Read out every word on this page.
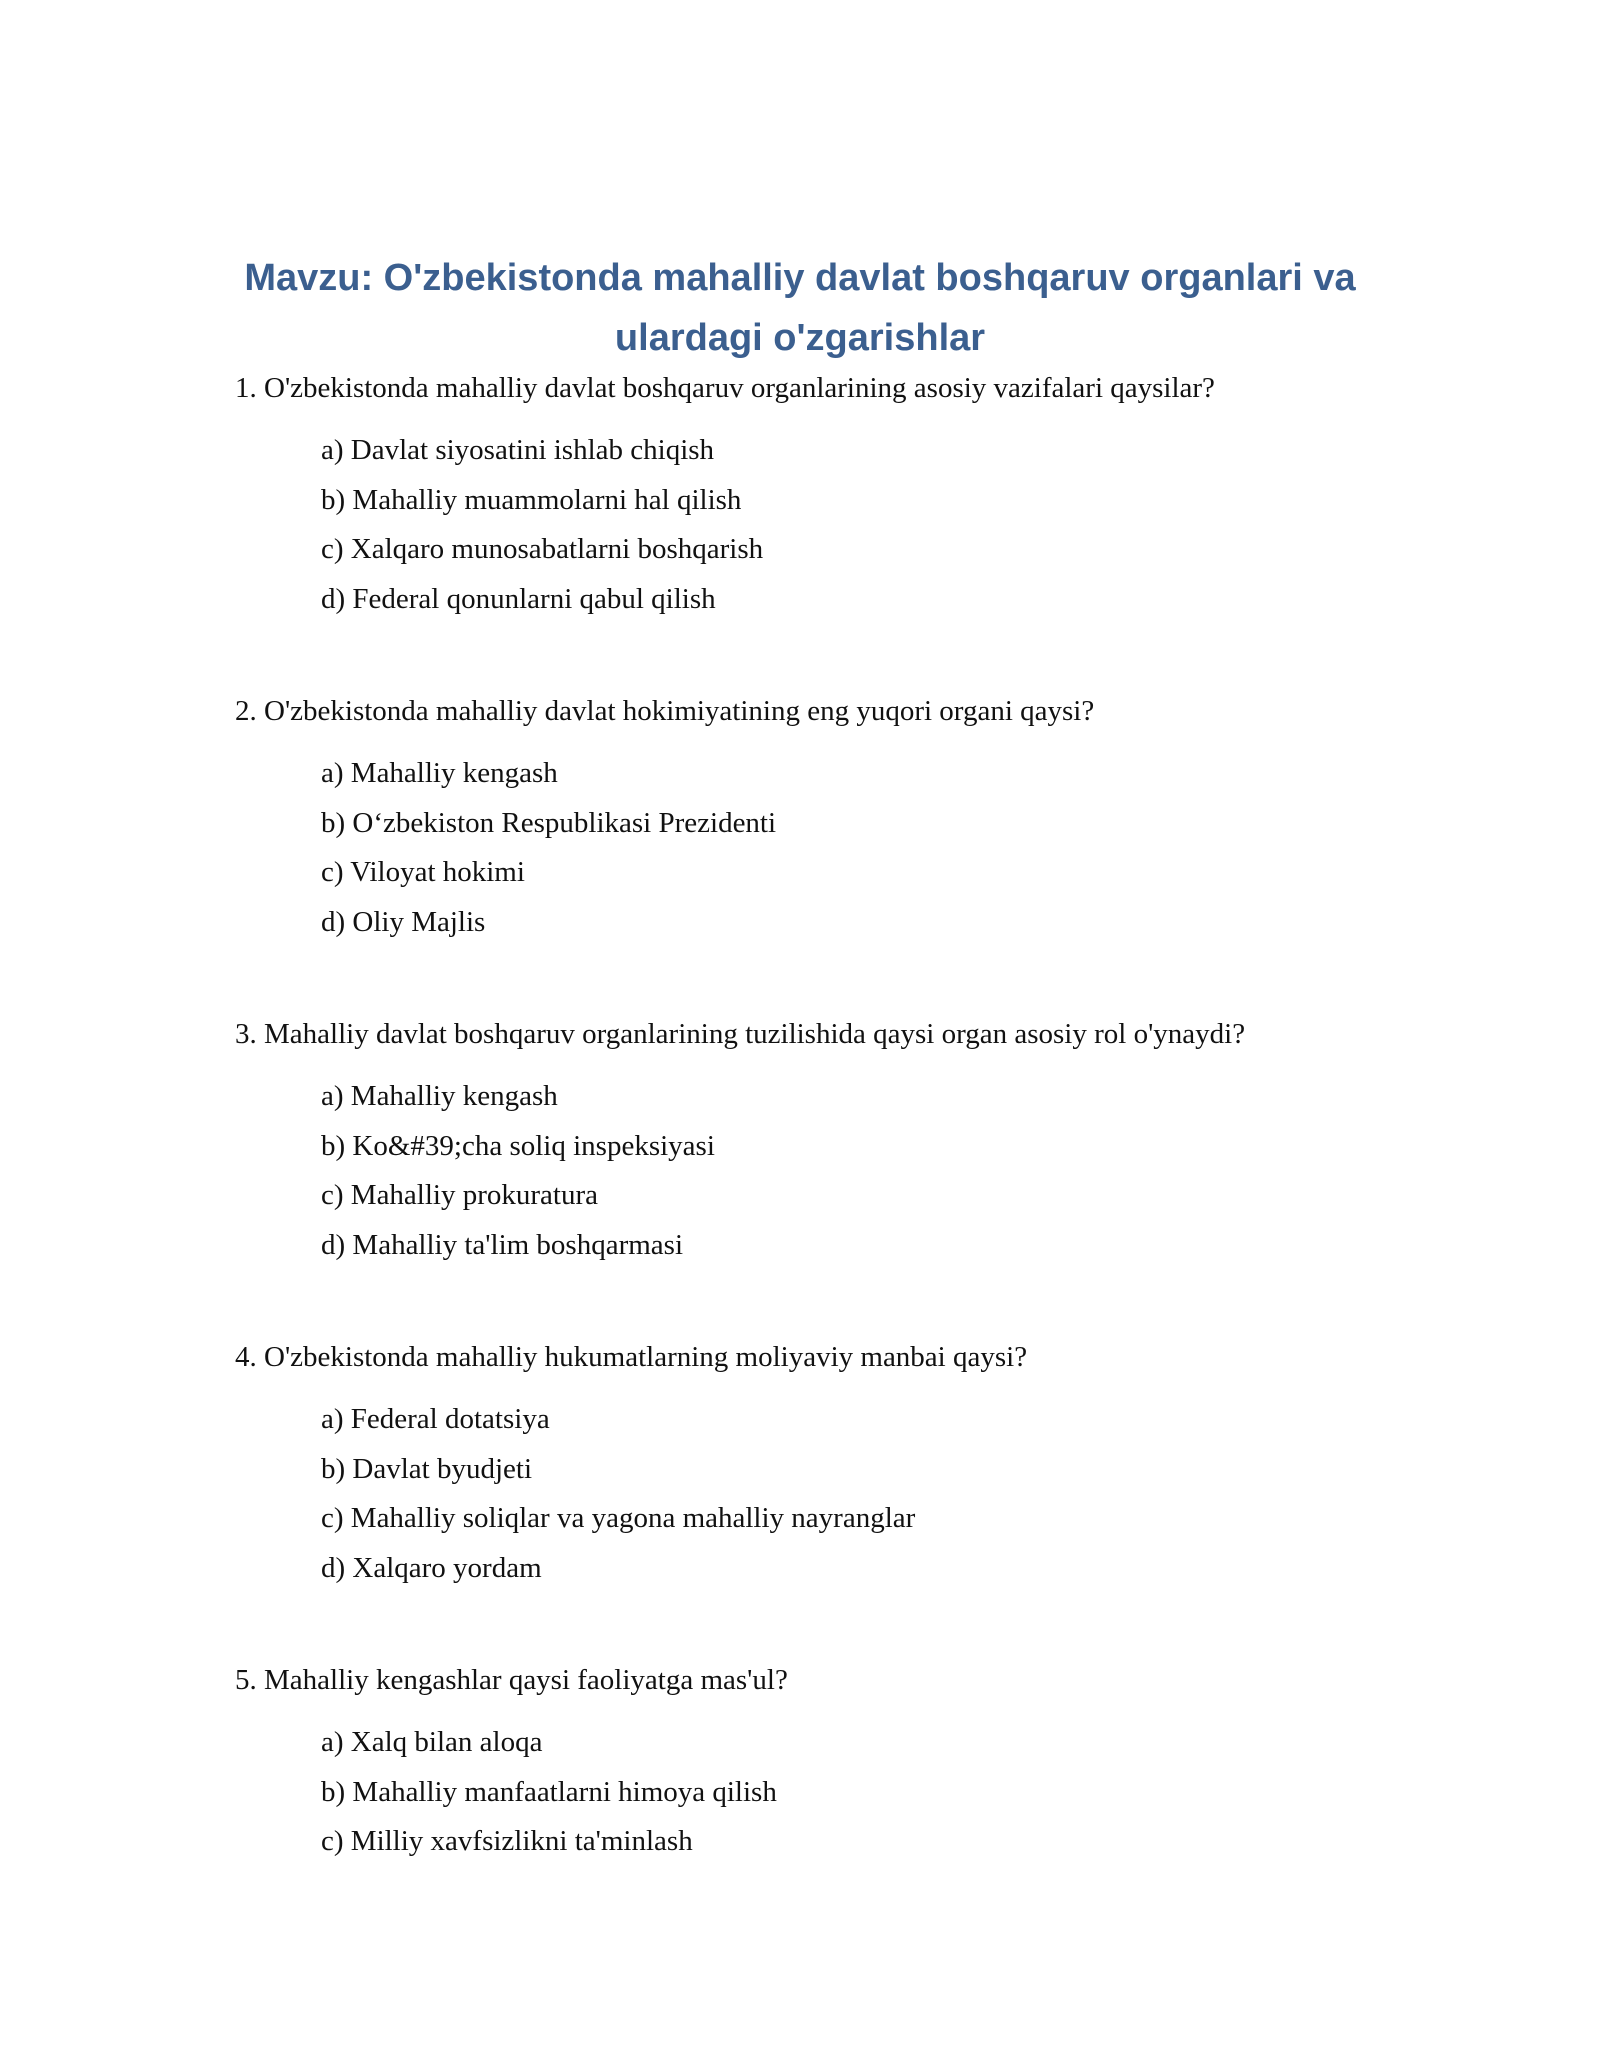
Mavzu: O'zbekistonda mahalliy davlat boshqaruv organlari va
ulardagi o'zgarishlar

1. O'zbekistonda mahalliy davlat boshqaruv organlarining asosiy vazifalari qaysilar?

a) Davlat siyosatini ishlab chiqish

b) Mahalliy muammolarni hal qilish

c) Xalqaro munosabatlarni boshqarish

d) Federal qonunlarni qabul qilish

2. O'zbekistonda mahalliy davlat hokimiyatining eng yuqori organi qaysi?

a) Mahalliy kengash

b) O‘zbekiston Respublikasi Prezidenti

c) Viloyat hokimi

d) Oliy Majlis

3. Mahalliy davlat boshqaruv organlarining tuzilishida qaysi organ asosiy rol o'ynaydi?

a) Mahalliy kengash

b) Ko&#39;cha soliq inspeksiyasi

c) Mahalliy prokuratura

d) Mahalliy ta'lim boshqarmasi

4. O'zbekistonda mahalliy hukumatlarning moliyaviy manbai qaysi?

a) Federal dotatsiya

b) Davlat byudjeti

c) Mahalliy soliqlar va yagona mahalliy nayranglar

d) Xalqaro yordam

5. Mahalliy kengashlar qaysi faoliyatga mas'ul?

a) Xalq bilan aloqa

b) Mahalliy manfaatlarni himoya qilish

c) Milliy xavfsizlikni ta'minlash
